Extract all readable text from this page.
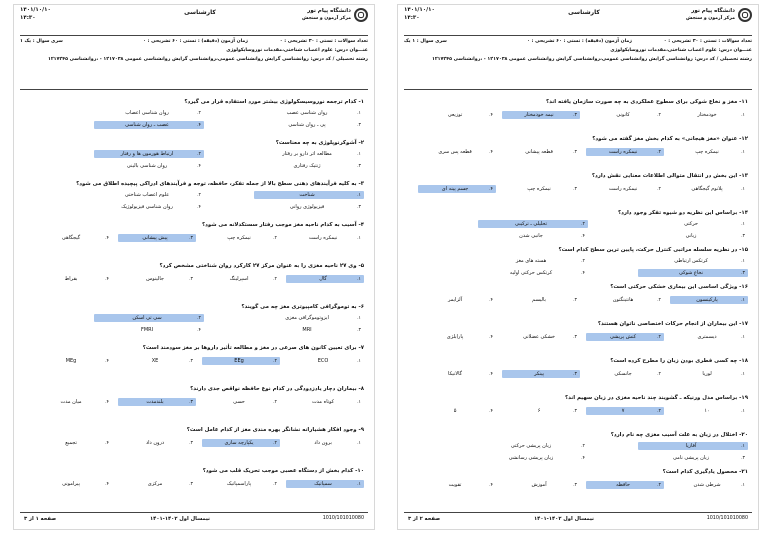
دانشگاه پیام نور
مرکز آزمون و سنجش
کارشناسی
۱۴۰۱/۱۰/۱۰
۱۴:۳۰
تعداد سوالات : تستی : ۳۰ تشریحی : ۰
زمان آزمون (دقیقه) : تستی : ۶۰ تشریحی : ۰
سری سوال : یک ۱
عنـــوان درس: علوم اعصاب شناختی،مقدمات نوروسایکولوژی
رشته تحصیلی / کد درس: روانشناسی گرایش روانشناسی عمومی،روانشناسی گرایش روانشناسی عمومی ۱۲۱۷۰۳۸ - ،روانشناسی ۱۲۱۷۲۴۵
۱- کدام ترجمه نوروسیسکولوژی بیشتر مورد استفاده قرار می گیرد؟
۱.
روان شناسی عصب
۲.
روان شناسی اعصاب
۳.
پی ـ روان شناسی
۴.
عصب ـ روان شناسی
۲- آشوکرنوپلوژی به چه معناست؟
۱.
مطالعه اثر دارو بر رفتار
۲.
ارتباط هورمون ها و رفتار
۳.
ژنتیک رفتاری
۴.
روان شناسی بالینی
۳- به کلیه فرآیندهای ذهنی سطح بالا از جمله تفکر، حافظه، توجه و فرآیندهای ادراکی پیچیده اطلاق می شود؟
۱.
شناخت
۲.
علوم اعصاب شناختی
۳.
فیزیولوژی روانی
۴.
روان شناسی فیزیولوژیک
۴- آسیب به کدام ناحیه مغز موجب رفتار سستکدلانه می شود؟
۱.
نیمکره راست
۲.
نیمکره چپ
۳.
پیش پیشانی
۴.
گیجگاهی
۵- وی ۲۷ ناحیه مغزی را به عنوان مرکز ۲۷ کارکرد روان شناختی مشخص کرد؟
۱.
گال
۲.
اسپرلینگ
۳.
جالینوس
۴.
بقراط
۶- به توموگرافی کامپیوتری مغز چه می گویند؟
۱.
ایزوتوموگرافی مغزی
۲.
سی تی اسکن
۳.
MRI
۴.
FMRI
۷- برای تعیین کانون های صرعی در مغز و مطالعه تأثیر داروها بر مغز سودمند است؟
۱.
ECO
۲.
EEg
۳.
XE
۴.
MEg
۸- بیماران دچار یادزدودگی در کدام نوع حافظه نواقص جدی دارند؟
۱.
کوتاه مدت
۲.
حسی
۳.
بلندمدت
۴.
میان مدت
۹- وجود افکار هشیارانه نشانگر بهره مندی مغز از کدام عامل است؟
۱.
برون داد
۲.
یکپارچه سازی
۳.
درون داد
۴.
تجمیع
۱۰- کدام بخش از دستگاه عصبی موجب تحریک قلب می شود؟
۱.
سمپاتیک
۲.
پاراسمپاتیک
۳.
مرکزی
۴.
پیرامونی
صفحه ۱ از ۳	نیمسال اول ۱۴۰۲-۱۴۰۱	1010/101010080
دانشگاه پیام نور
مرکز آزمون و سنجش
کارشناسی
۱۴۰۱/۱۰/۱۰
۱۴:۳۰
تعداد سوالات : تستی : ۳۰ تشریحی : ۰
زمان آزمون (دقیقه) : تستی : ۶۰ تشریحی : ۰
سری سوال : ۱ یک
عنـــوان درس: علوم اعصاب شناختی،مقدمات نوروسایکولوژی
رشته تحصیلی / کد درس: روانشناسی گرایش روانشناسی عمومی،روانشناسی گرایش روانشناسی عمومی ۱۲۱۷۰۳۸ - ،روانشناسی ۱۲۱۷۲۴۵
۱۱- مغز و نخاع شوکی برای سطوح عملکردی به چه صورت سازمان یافته اند؟
۱.
خودمختار
۲.
کانونی
۳.
نیمه خودمختار
۴.
توزیعی
۱۲- عنوان «مغز هیجانی» به کدام بخش مغز گفته می شود؟
۱.
نیمکره چپ
۲.
نیمکره راست
۳.
قطعه پیشانی
۴.
قطعه پس سری
۱۳- این بخش در انتقال متوالی اطلاعات معنایی نقش دارد؟
۱.
پلانوم گیجگاهی
۲.
نیمکره راست
۳.
نیمکره چپ
۴.
جسم پینه ای
۱۴- براساس این نظریه دو شیوه تفکر وجود دارد؟
۱.
حرکتی
۲.
تحلیلی ـ ترکیبی
۳.
زبانی
۴.
جانبی شدن
۱۵- در نظریه سلسله مراتبی کنترل حرکت، پایین ترین سطح کدام است؟
۱.
کرتکس ارتباطی
۲.
هسته های مغز
۳.
نخاع شوکی
۴.
کرتکس حرکتی اولیه
۱۶- ویژگی اساسی این بیماری خشکی حرکتی است؟
۱.
پارکینسون
۲.
هانتینگتون
۳.
بالیسم
۴.
آلزایمر
۱۷- این بیماران از انجام حرکات اختصاصی ناتوان هستند؟
۱.
دیسمتری
۲.
کنش پریشی
۳.
خشکی عضلانی
۴.
پارابلژی
۱۸- چه کسی فطری بودن زبان را مطرح کرده است؟
۱.
لوریا
۲.
جانسکی
۳.
پینکر
۴.
گالانیکا
۱۹- براساس مدل ورنیکه ـ گشویند چند ناحیه مغزی در زبان سهیم اند؟
۱.
۱۰
۲.
۷
۳.
۶
۴.
۵
۲۰- اختلال در زبان به علت آسیب مغزی چه نام دارد؟
۱.
آفازیا
۲.
زبان پریشی حرکتی
۳.
زبان پریشی نامی
۴.
زبان پریشی رسانشی
۲۱- محصول یادگیری کدام است؟
۱.
شرطی شدن
۲.
حافظه
۳.
آموزش
۴.
تقویت
صفحه ۲ از ۳	نیمسال اول ۱۴۰۲-۱۴۰۱	1010/101010080
